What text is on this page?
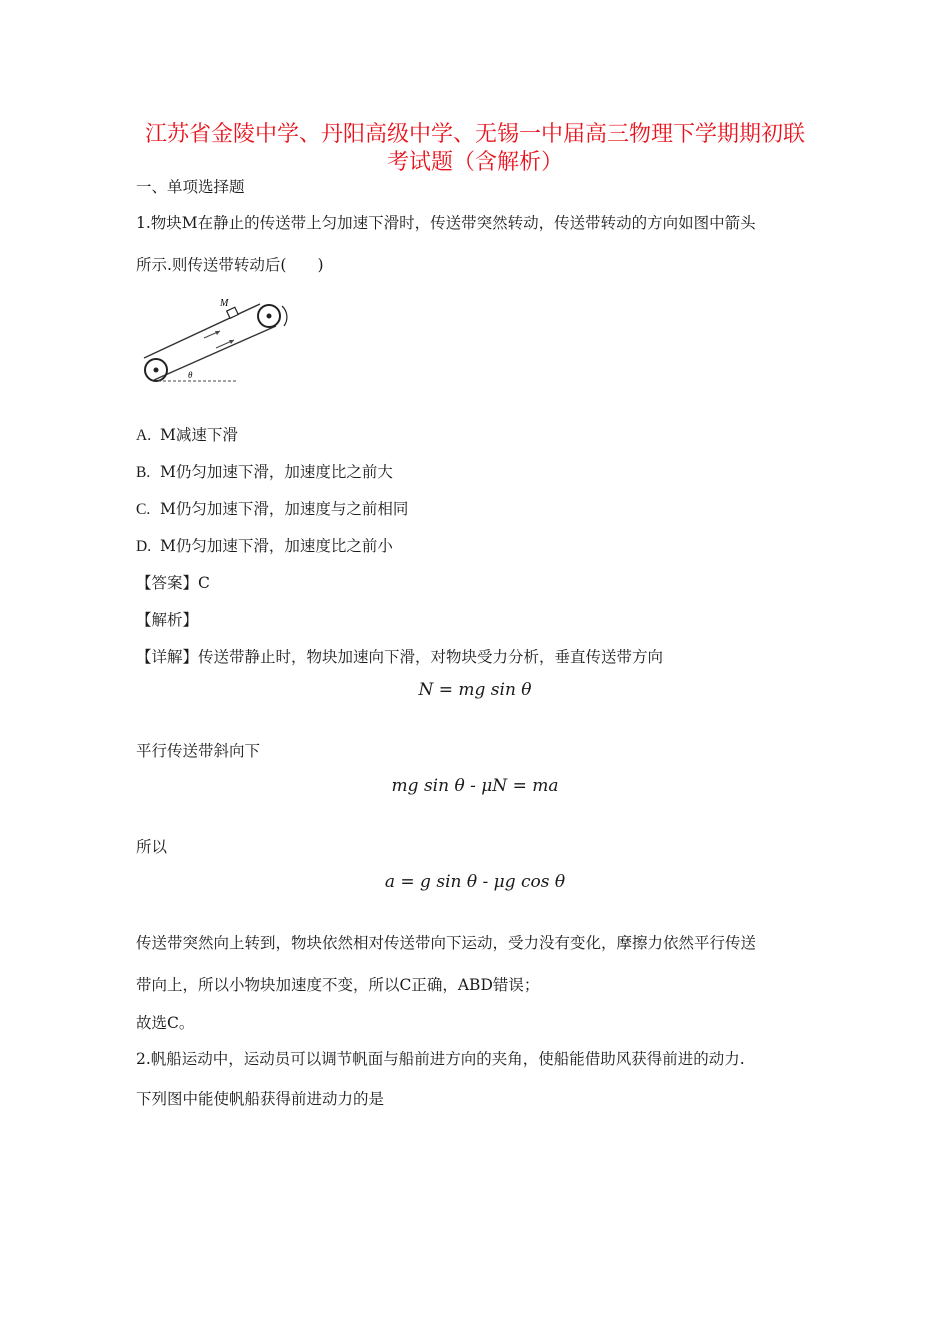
江苏省金陵中学、丹阳高级中学、无锡一中届高三物理下学期期初联
考试题（含解析）
一、单项选择题
1.物块M在静止的传送带上匀加速下滑时，传送带突然转动，传送带转动的方向如图中箭头
所示.则传送带转动后(　　)
M
θ
A. M减速下滑
B. M仍匀加速下滑，加速度比之前大
C. M仍匀加速下滑，加速度与之前相同
D. M仍匀加速下滑，加速度比之前小
【答案】C
【解析】
【详解】传送带静止时，物块加速向下滑，对物块受力分析，垂直传送带方向
N = mg sin θ
平行传送带斜向下
mg sin θ - μN = ma
所以
a = g sin θ - μg cos θ
传送带突然向上转到，物块依然相对传送带向下运动，受力没有变化，摩擦力依然平行传送
带向上，所以小物块加速度不变，所以C正确，ABD错误；
故选C。
2.帆船运动中，运动员可以调节帆面与船前进方向的夹角，使船能借助风获得前进的动力.
下列图中能使帆船获得前进动力的是
